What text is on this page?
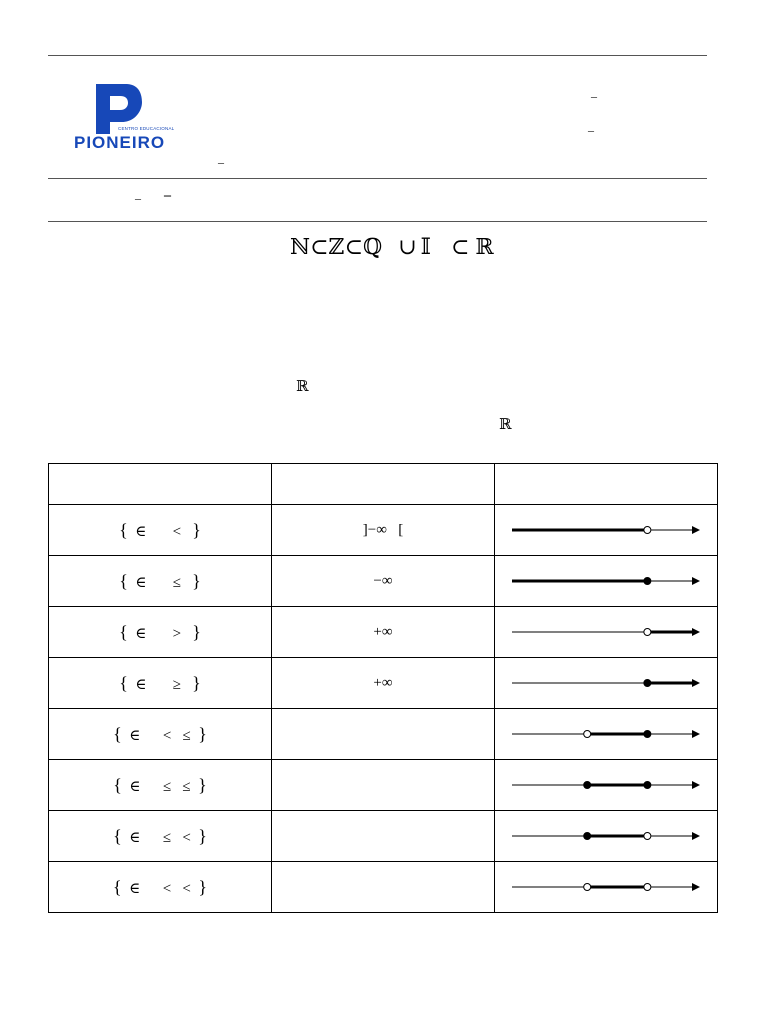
CENTRO EDUCACIONAL
PIONEIRO
–
–
–
– –
ℕ⊂ℤ⊂ℚ ∪ 𝕀 ⊂ ℝ
ℝ
ℝ

{ ∈ < }	]−∞   [	

{ ∈ ≤ }	−∞	

{ ∈ > }	+∞	

{ ∈ ≥ }	+∞	

{ ∈ < ≤ }		

{ ∈ ≤ ≤ }		

{ ∈ ≤ < }		

{ ∈ < < }		
